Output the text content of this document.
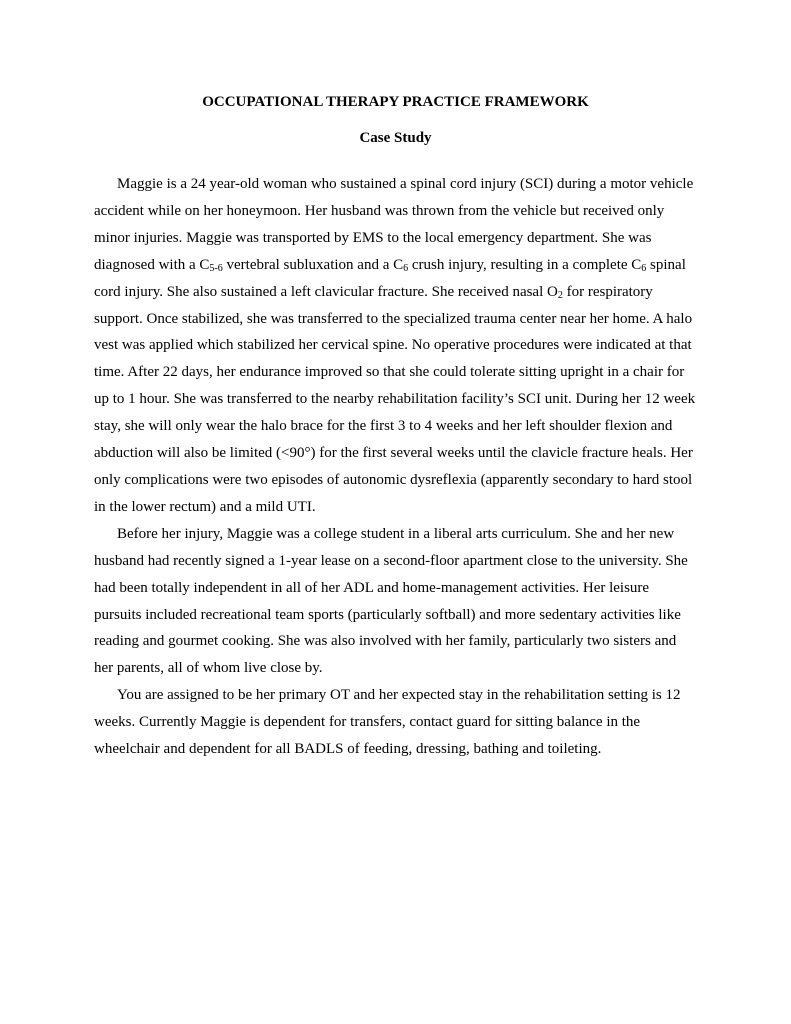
OCCUPATIONAL THERAPY PRACTICE FRAMEWORK
Case Study

Maggie is a 24 year-old woman who sustained a spinal cord injury (SCI) during a motor vehicle accident while on her honeymoon. Her husband was thrown from the vehicle but received only minor injuries. Maggie was transported by EMS to the local emergency department. She was diagnosed with a $C_{5-6}$ vertebral subluxation and a $C_6$ crush injury, resulting in a complete $C_6$ spinal cord injury. She also sustained a left clavicular fracture. She received nasal $O_2$ for respiratory support. Once stabilized, she was transferred to the specialized trauma center near her home. A halo vest was applied which stabilized her cervical spine. No operative procedures were indicated at that time. After 22 days, her endurance improved so that she could tolerate sitting upright in a chair for up to 1 hour. She was transferred to the nearby rehabilitation facility’s SCI unit. During her 12 week stay, she will only wear the halo brace for the first 3 to 4 weeks and her left shoulder flexion and abduction will also be limited (<90°) for the first several weeks until the clavicle fracture heals. Her only complications were two episodes of autonomic dysreflexia (apparently secondary to hard stool in the lower rectum) and a mild UTI.

Before her injury, Maggie was a college student in a liberal arts curriculum. She and her new husband had recently signed a 1-year lease on a second-floor apartment close to the university. She had been totally independent in all of her ADL and home-management activities. Her leisure pursuits included recreational team sports (particularly softball) and more sedentary activities like reading and gourmet cooking. She was also involved with her family, particularly two sisters and her parents, all of whom live close by.

You are assigned to be her primary OT and her expected stay in the rehabilitation setting is 12 weeks. Currently Maggie is dependent for transfers, contact guard for sitting balance in the wheelchair and dependent for all BADLS of feeding, dressing, bathing and toileting.
